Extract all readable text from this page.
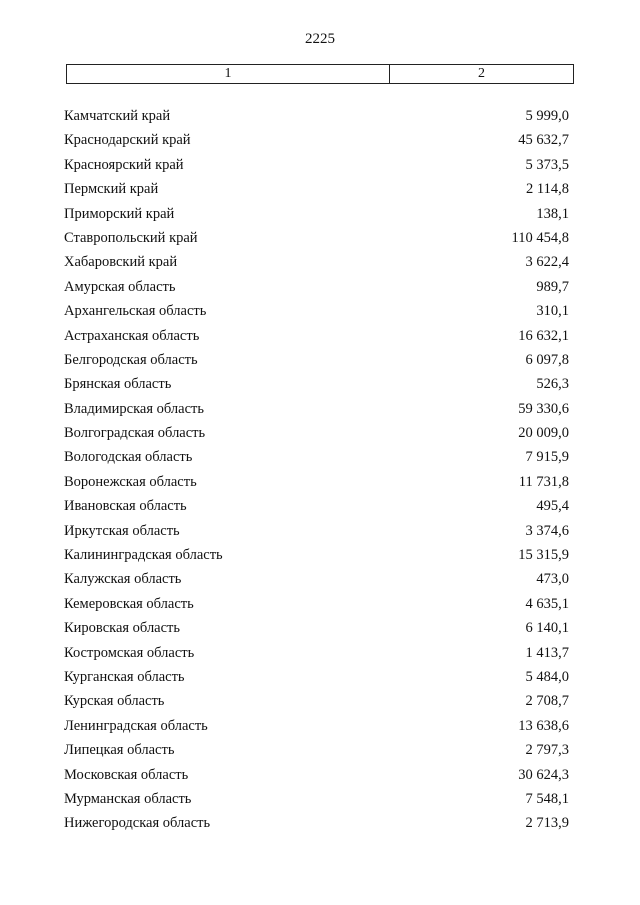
2225
1	2
Камчатский край	5 999,0
Краснодарский край	45 632,7
Красноярский край	5 373,5
Пермский край	2 114,8
Приморский край	138,1
Ставропольский край	110 454,8
Хабаровский край	3 622,4
Амурская область	989,7
Архангельская область	310,1
Астраханская область	16 632,1
Белгородская область	6 097,8
Брянская область	526,3
Владимирская область	59 330,6
Волгоградская область	20 009,0
Вологодская область	7 915,9
Воронежская область	11 731,8
Ивановская область	495,4
Иркутская область	3 374,6
Калининградская область	15 315,9
Калужская область	473,0
Кемеровская область	4 635,1
Кировская область	6 140,1
Костромская область	1 413,7
Курганская область	5 484,0
Курская область	2 708,7
Ленинградская область	13 638,6
Липецкая область	2 797,3
Московская область	30 624,3
Мурманская область	7 548,1
Нижегородская область	2 713,9
